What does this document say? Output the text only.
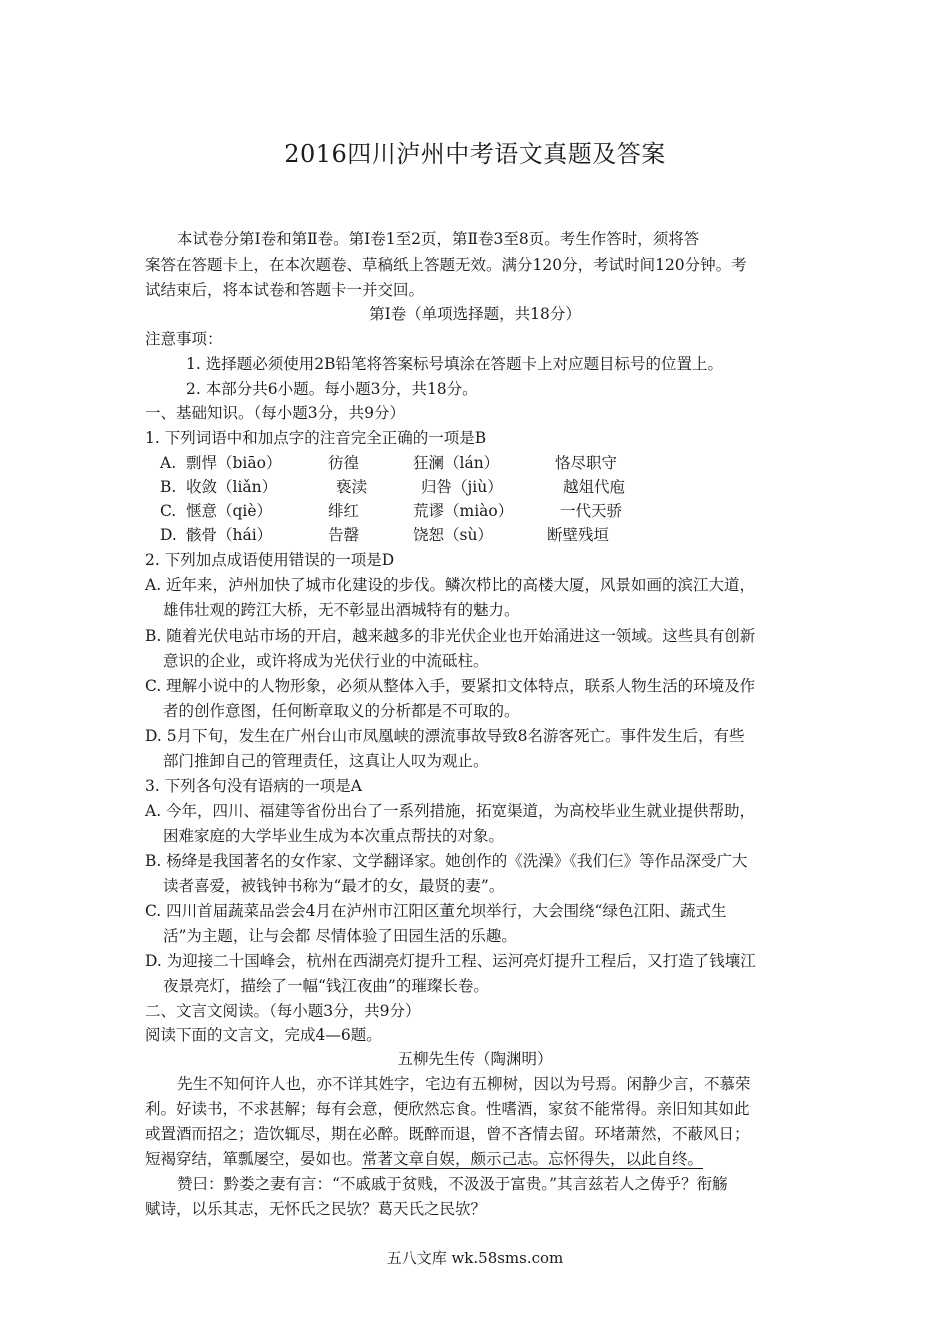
2016四川泸州中考语文真题及答案
本试卷分第Ⅰ卷和第Ⅱ卷。第Ⅰ卷1至2页，第Ⅱ卷3至8页。考生作答时，须将答
案答在答题卡上，在本次题卷、草稿纸上答题无效。满分120分，考试时间120分钟。考
试结束后，将本试卷和答题卡一并交回。
第Ⅰ卷（单项选择题，共18分）
注意事项：
1. 选择题必须使用2B铅笔将答案标号填涂在答题卡上对应题目标号的位置上。
2. 本部分共6小题。每小题3分，共18分。
一、基础知识。（每小题3分，共9分）
1. 下列词语中和加点字的注音完全正确的一项是B
A. 剽悍（biāo）	彷徨	狂澜（lán）	恪尽职守
B. 收敛（liǎn）	亵渎	归咎（jiù）	越俎代庖
C. 惬意（qiè）	绯红	荒谬（miào）	一代天骄
D. 骸骨（hái）	告罄	饶恕（sù）	断壁残垣
2. 下列加点成语使用错误的一项是D
A. 近年来，泸州加快了城市化建设的步伐。鳞次栉比的高楼大厦，风景如画的滨江大道，
雄伟壮观的跨江大桥，无不彰显出酒城特有的魅力。
B. 随着光伏电站市场的开启，越来越多的非光伏企业也开始涌进这一领域。这些具有创新
意识的企业，或许将成为光伏行业的中流砥柱。
C. 理解小说中的人物形象，必须从整体入手，要紧扣文体特点，联系人物生活的环境及作
者的创作意图，任何断章取义的分析都是不可取的。
D. 5月下旬，发生在广州台山市凤凰峡的漂流事故导致8名游客死亡。事件发生后，有些
部门推卸自己的管理责任，这真让人叹为观止。
3. 下列各句没有语病的一项是A
A. 今年，四川、福建等省份出台了一系列措施，拓宽渠道，为高校毕业生就业提供帮助，
困难家庭的大学毕业生成为本次重点帮扶的对象。
B. 杨绛是我国著名的女作家、文学翻译家。她创作的《洗澡》《我们仨》等作品深受广大
读者喜爱，被钱钟书称为“最才的女，最贤的妻”。
C. 四川首届蔬菜品尝会4月在泸州市江阳区董允坝举行，大会围绕“绿色江阳、蔬式生
活”为主题，让与会都 尽情体验了田园生活的乐趣。
D. 为迎接二十国峰会，杭州在西湖亮灯提升工程、运河亮灯提升工程后，又打造了钱壤江
夜景亮灯，描绘了一幅“钱江夜曲”的璀璨长卷。
二、文言文阅读。（每小题3分，共9分）
阅读下面的文言文，完成4—6题。
五柳先生传（陶渊明）
先生不知何许人也，亦不详其姓字，宅边有五柳树，因以为号焉。闲静少言，不慕荣
利。好读书，不求甚解；每有会意，便欣然忘食。性嗜酒，家贫不能常得。亲旧知其如此
或置酒而招之；造饮辄尽，期在必醉。既醉而退，曾不吝情去留。环堵萧然，不蔽风日；
短褐穿结，箪瓢屡空，晏如也。常著文章自娱，颇示己志。忘怀得失，以此自终。
赞曰：黔娄之妻有言：“不戚戚于贫贱，不汲汲于富贵。”其言兹若人之俦乎？衔觞
赋诗，以乐其志，无怀氏之民欤？葛天氏之民欤？
五八文库 wk.58sms.com
